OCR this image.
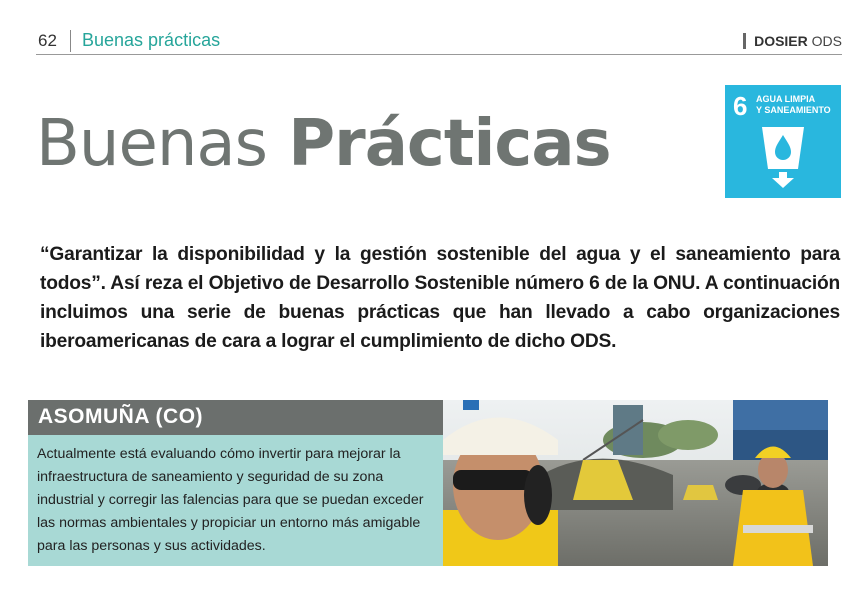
62 Buenas prácticas	DOSIER ODS
Buenas Prácticas
6 AGUA LIMPIA
Y SANEAMIENTO

“Garantizar la disponibilidad y la gestión sostenible del agua y el saneamiento para todos”. Así reza el Objetivo de Desarrollo Sostenible número 6 de la ONU. A continuación incluimos una serie de buenas prácticas que han llevado a cabo organizaciones iberoamericanas de cara a lograr el cumplimiento de dicho ODS.

ASOMUÑA (CO)
Actualmente está evaluando cómo invertir para mejorar la infraestructura de saneamiento y seguridad de su zona industrial y corregir las falencias para que se puedan exceder las normas ambientales y propiciar un entorno más amigable para las personas y sus actividades.
